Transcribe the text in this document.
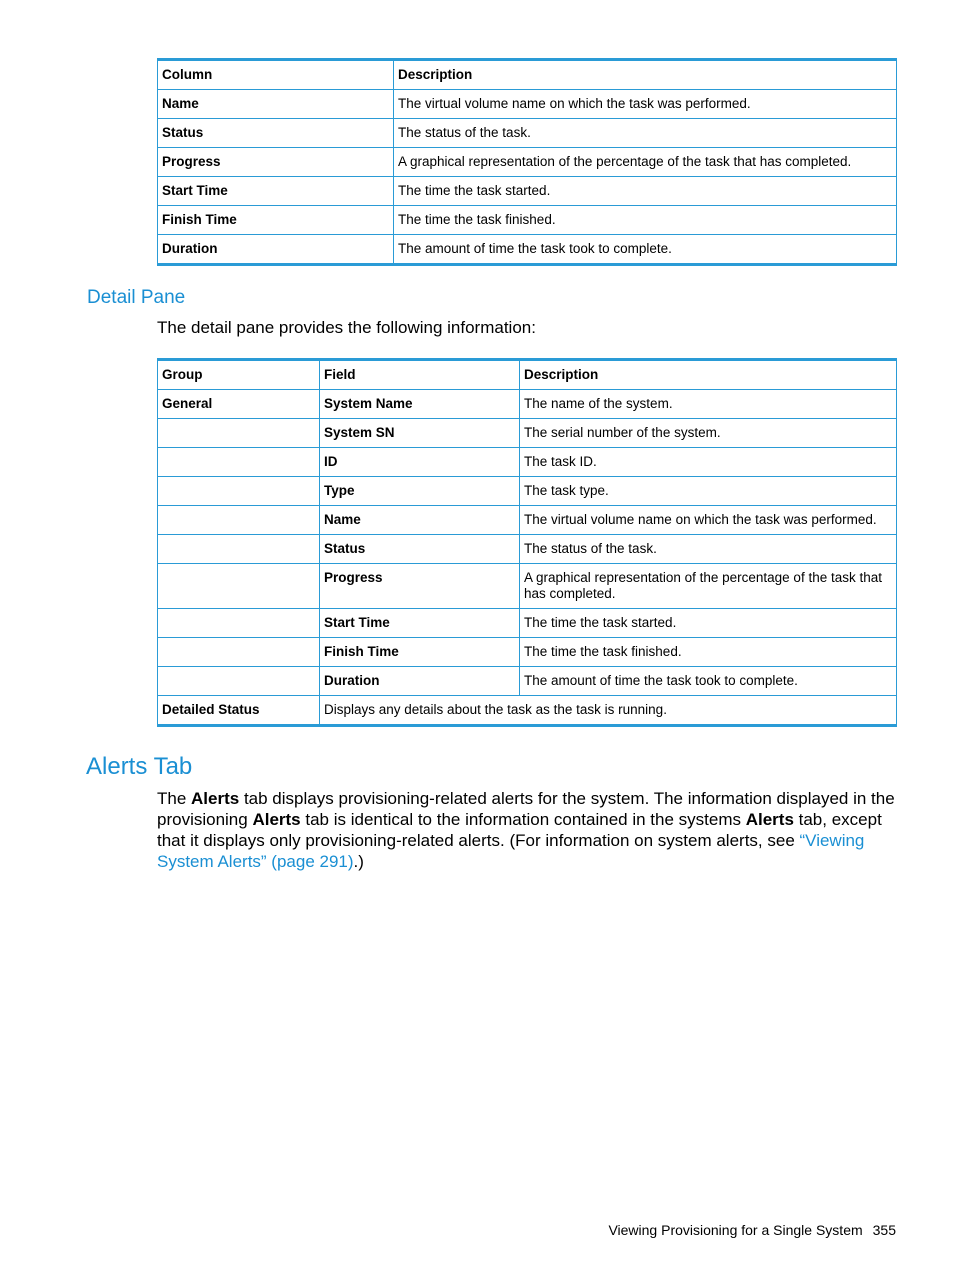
Column	Description
Name	The virtual volume name on which the task was performed.
Status	The status of the task.
Progress	A graphical representation of the percentage of the task that has completed.
Start Time	The time the task started.
Finish Time	The time the task finished.
Duration	The amount of time the task took to complete.
Detail Pane

The detail pane provides the following information:

Group	Field	Description
General	System Name	The name of the system.
	System SN	The serial number of the system.
	ID	The task ID.
	Type	The task type.
	Name	The virtual volume name on which the task was performed.
	Status	The status of the task.
	Progress	A graphical representation of the percentage of the task that has completed.
	Start Time	The time the task started.
	Finish Time	The time the task finished.
	Duration	The amount of time the task took to complete.
Detailed Status	Displays any details about the task as the task is running.	
Alerts Tab

The Alerts tab displays provisioning-related alerts for the system. The information displayed in the provisioning Alerts tab is identical to the information contained in the systems Alerts tab, except that it displays only provisioning-related alerts. (For information on system alerts, see “Viewing System Alerts” (page 291).)

Viewing Provisioning for a Single System 355
